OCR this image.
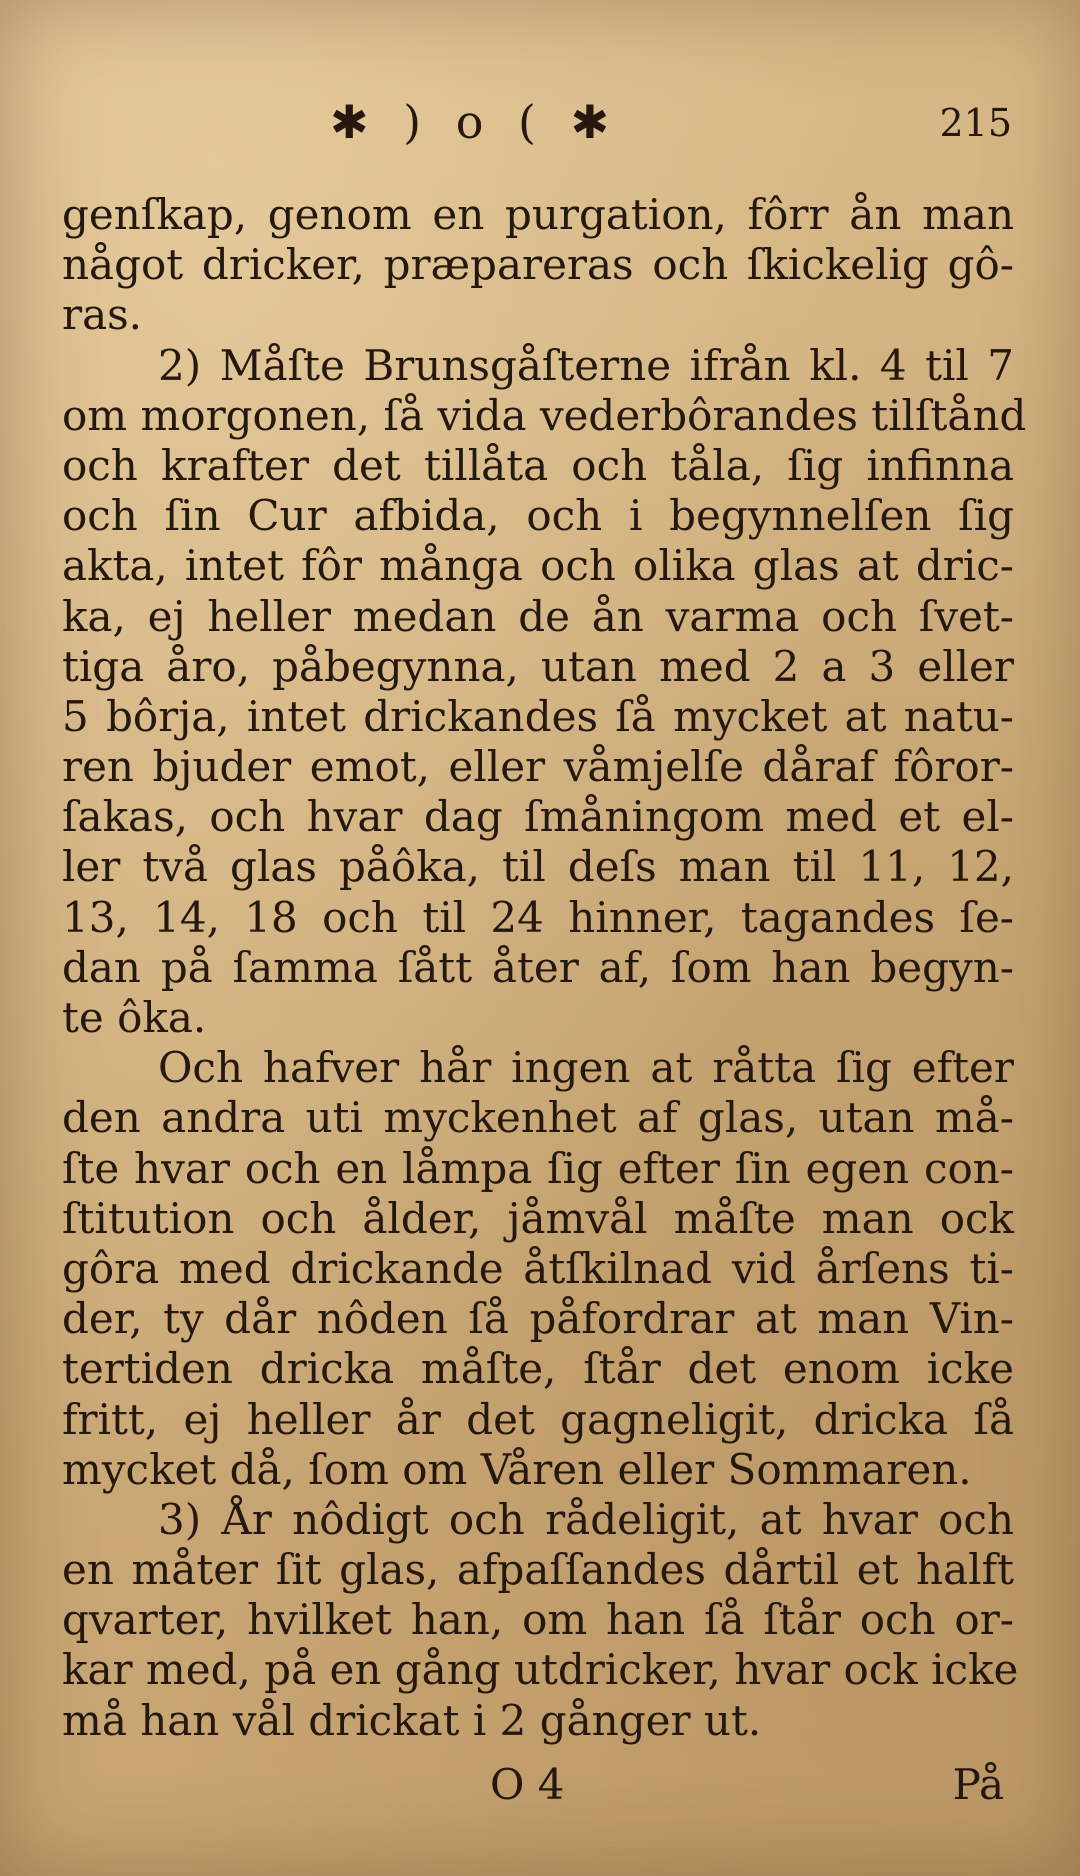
✱ ) o ( ✱	215
genſkap, genom en purgation, fôrr ån man
något dricker, præpareras och ſkickelig gô-
ras.
2) Måſte Brunsgåſterne ifrån kl. 4 til 7
om morgonen, ſå vida vederbôrandes tilſtånd
och krafter det tillåta och tåla, ſig infinna
och ſin Cur afbida, och i begynnelſen ſig
akta, intet fôr många och olika glas at dric-
ka, ej heller medan de ån varma och ſvet-
tiga åro, påbegynna, utan med 2 a 3 eller
5 bôrja, intet drickandes ſå mycket at natu-
ren bjuder emot, eller våmjelſe dåraf fôror-
ſakas, och hvar dag ſmåningom med et el-
ler två glas påôka, til deſs man til 11, 12,
13, 14, 18 och til 24 hinner, tagandes ſe-
dan på ſamma ſått åter af, ſom han begyn-
te ôka.
Och hafver hår ingen at råtta ſig efter
den andra uti myckenhet af glas, utan må-
ſte hvar och en låmpa ſig efter ſin egen con-
ſtitution och ålder, jåmvål måſte man ock
gôra med drickande åtſkilnad vid årſens ti-
der, ty dår nôden ſå påfordrar at man Vin-
tertiden dricka måſte, ſtår det enom icke
fritt, ej heller år det gagneligit, dricka ſå
mycket då, ſom om Våren eller Sommaren.
3) År nôdigt och rådeligit, at hvar och
en måter ſit glas, afpaſſandes dårtil et halft
qvarter, hvilket han, om han ſå ſtår och or-
kar med, på en gång utdricker, hvar ock icke
må han vål drickat i 2 gånger ut.
O 4	På
